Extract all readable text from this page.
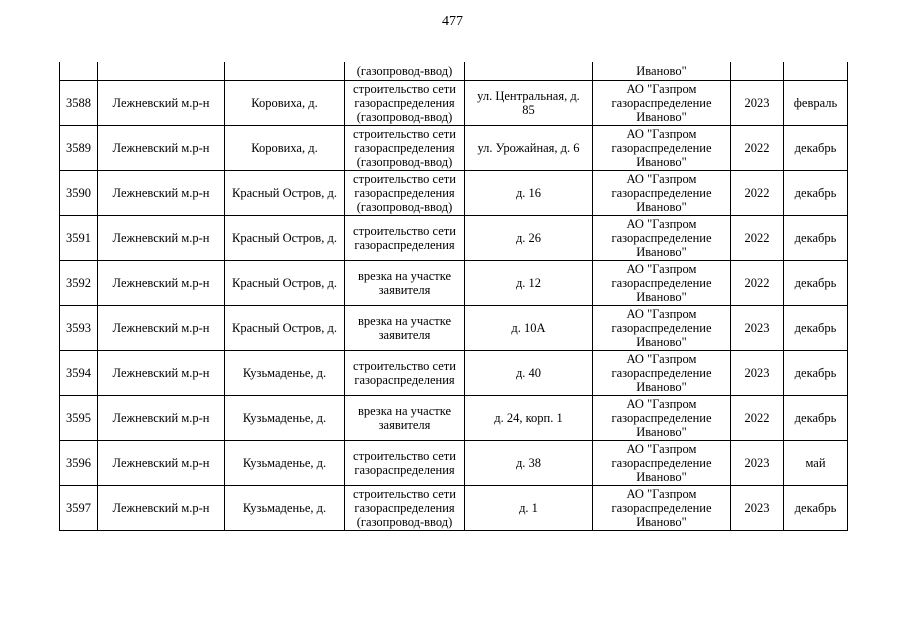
477
			(газопровод-ввод)		Иваново"		
3588	Лежневский м.р-н	Коровиха, д.	строительство сети
газораспределения
(газопровод-ввод)	ул. Центральная, д.
85	АО "Газпром
газораспределение
Иваново"	2023	февраль
3589	Лежневский м.р-н	Коровиха, д.	строительство сети
газораспределения
(газопровод-ввод)	ул. Урожайная, д. 6	АО "Газпром
газораспределение
Иваново"	2022	декабрь
3590	Лежневский м.р-н	Красный Остров, д.	строительство сети
газораспределения
(газопровод-ввод)	д. 16	АО "Газпром
газораспределение
Иваново"	2022	декабрь
3591	Лежневский м.р-н	Красный Остров, д.	строительство сети
газораспределения	д. 26	АО "Газпром
газораспределение
Иваново"	2022	декабрь
3592	Лежневский м.р-н	Красный Остров, д.	врезка на участке
заявителя	д. 12	АО "Газпром
газораспределение
Иваново"	2022	декабрь
3593	Лежневский м.р-н	Красный Остров, д.	врезка на участке
заявителя	д. 10А	АО "Газпром
газораспределение
Иваново"	2023	декабрь
3594	Лежневский м.р-н	Кузьмаденье, д.	строительство сети
газораспределения	д. 40	АО "Газпром
газораспределение
Иваново"	2023	декабрь
3595	Лежневский м.р-н	Кузьмаденье, д.	врезка на участке
заявителя	д. 24, корп. 1	АО "Газпром
газораспределение
Иваново"	2022	декабрь
3596	Лежневский м.р-н	Кузьмаденье, д.	строительство сети
газораспределения	д. 38	АО "Газпром
газораспределение
Иваново"	2023	май
3597	Лежневский м.р-н	Кузьмаденье, д.	строительство сети
газораспределения
(газопровод-ввод)	д. 1	АО "Газпром
газораспределение
Иваново"	2023	декабрь
